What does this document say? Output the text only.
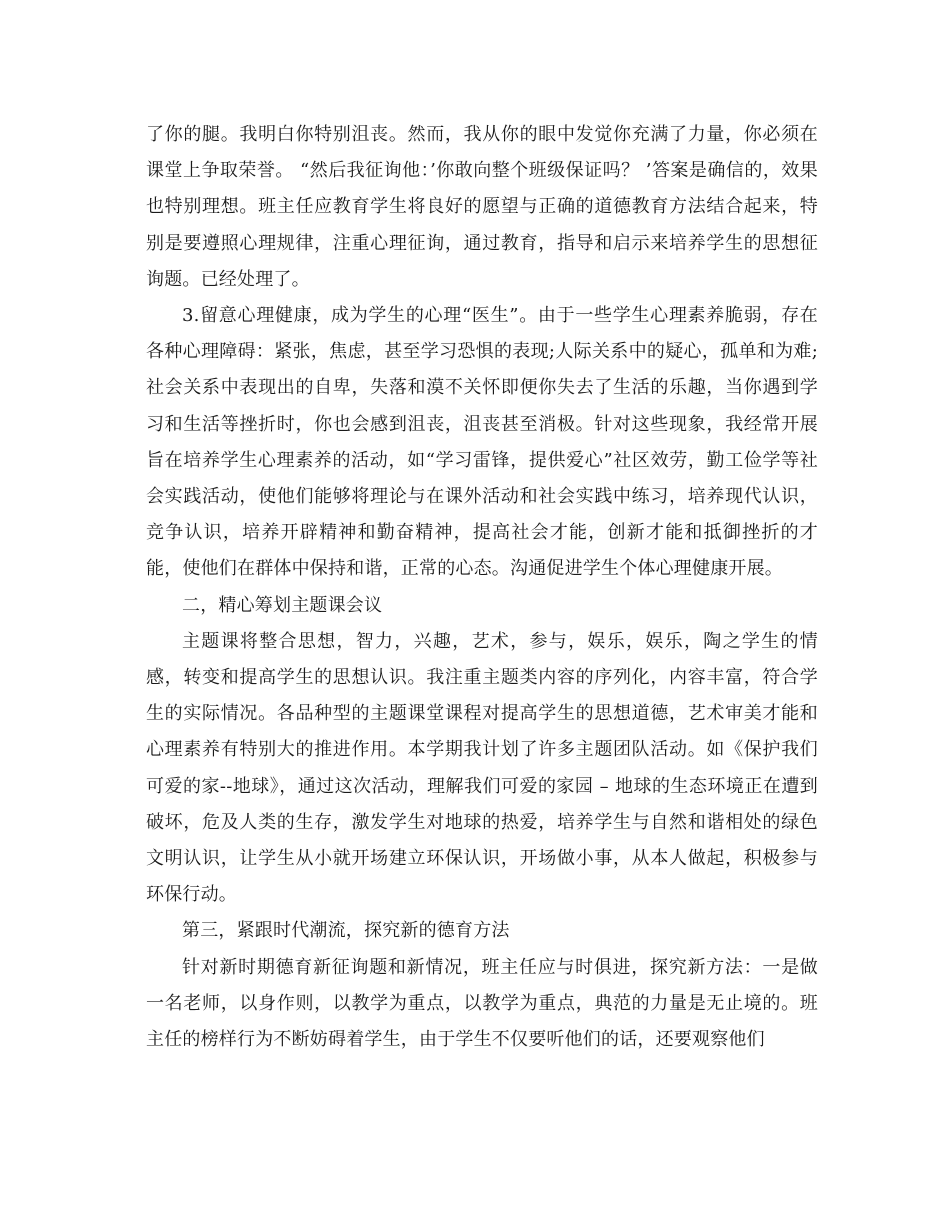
了你的腿。我明白你特别沮丧。然而，我从你的眼中发觉你充满了力量，你必须在课堂上争取荣誉。 “然后我征询他：’你敢向整个班级保证吗？ ’答案是确信的，效果也特别理想。班主任应教育学生将良好的愿望与正确的道德教育方法结合起来，特别是要遵照心理规律，注重心理征询，通过教育，指导和启示来培养学生的思想征询题。已经处理了。

3.留意心理健康，成为学生的心理“医生”。由于一些学生心理素养脆弱，存在各种心理障碍：紧张，焦虑，甚至学习恐惧的表现;人际关系中的疑心，孤单和为难;社会关系中表现出的自卑，失落和漠不关怀即便你失去了生活的乐趣，当你遇到学习和生活等挫折时，你也会感到沮丧，沮丧甚至消极。针对这些现象，我经常开展旨在培养学生心理素养的活动，如“学习雷锋，提供爱心”社区效劳，勤工俭学等社会实践活动，使他们能够将理论与在课外活动和社会实践中练习，培养现代认识，竞争认识，培养开辟精神和勤奋精神，提高社会才能，创新才能和抵御挫折的才能，使他们在群体中保持和谐，正常的心态。沟通促进学生个体心理健康开展。

二，精心筹划主题课会议

主题课将整合思想，智力，兴趣，艺术，参与，娱乐，娱乐，陶之学生的情感，转变和提高学生的思想认识。我注重主题类内容的序列化，内容丰富，符合学生的实际情况。各品种型的主题课堂课程对提高学生的思想道德，艺术审美才能和心理素养有特别大的推进作用。本学期我计划了许多主题团队活动。如《保护我们可爱的家--地球》，通过这次活动，理解我们可爱的家园 – 地球的生态环境正在遭到破坏，危及人类的生存，激发学生对地球的热爱，培养学生与自然和谐相处的绿色文明认识，让学生从小就开场建立环保认识，开场做小事，从本人做起，积极参与环保行动。

第三，紧跟时代潮流，探究新的德育方法

针对新时期德育新征询题和新情况，班主任应与时俱进，探究新方法：一是做一名老师，以身作则，以教学为重点，以教学为重点，典范的力量是无止境的。班主任的榜样行为不断妨碍着学生，由于学生不仅要听他们的话，还要观察他们
